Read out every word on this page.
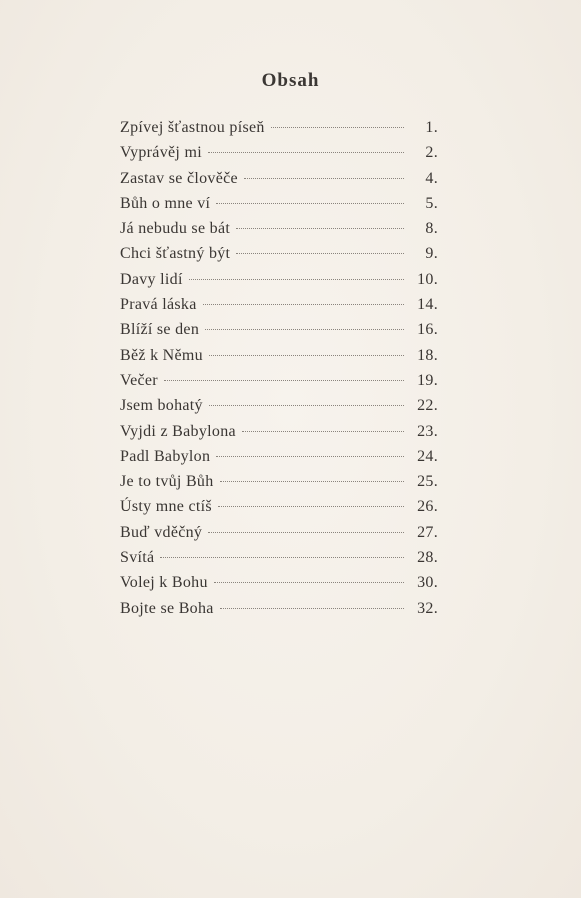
Obsah
Zpívej šťastnou píseň	1.
Vyprávěj mi	2.
Zastav se člověče	4.
Bůh o mne ví	5.
Já nebudu se bát	8.
Chci šťastný být	9.
Davy lidí	10.
Pravá láska	14.
Blíží se den	16.
Běž k Němu	18.
Večer	19.
Jsem bohatý	22.
Vyjdi z Babylona	23.
Padl Babylon	24.
Je to tvůj Bůh	25.
Ústy mne ctíš	26.
Buď vděčný	27.
Svítá	28.
Volej k Bohu	30.
Bojte se Boha	32.
